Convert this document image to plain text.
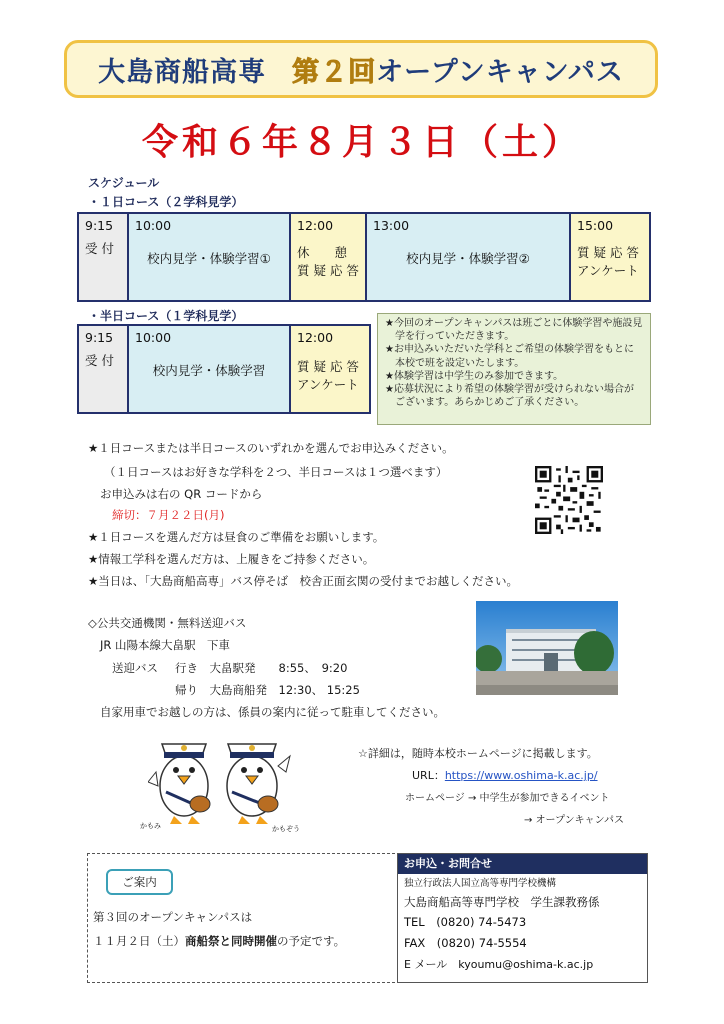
大島商船高専 第２回オープンキャンパス
令和６年８月３日（土）
スケジュール
・１日コース（２学科見学）
9:15
受 付

10:00
校内見学・体験学習①

12:00
休　　憩
質 疑 応 答

13:00
校内見学・体験学習②

15:00
質 疑 応 答
アンケート
・半日コース（１学科見学）
9:15
受 付

10:00
校内見学・体験学習

12:00
質 疑 応 答
アンケート

★今回のオープンキャンパスは班ごとに体験学習や施設見学を行っていただきます。

★お申込みいただいた学科とご希望の体験学習をもとに本校で班を設定いたします。

★体験学習は中学生のみ参加できます。

★応募状況により希望の体験学習が受けられない場合がございます。あらかじめご了承ください。

★１日コースまたは半日コースのいずれかを選んでお申込みください。
（１日コースはお好きな学科を２つ、半日コースは１つ選べます）
お申込みは右の QR コードから
締切：７月２２日(月)
★１日コースを選んだ方は昼食のご準備をお願いします。
★情報工学科を選んだ方は、上履きをご持参ください。
★当日は、「大島商船高専」バス停そば　校舎正面玄関の受付までお越しください。
◇公共交通機関・無料送迎バス
JR 山陽本線大畠駅　下車
送迎バス 行き　大畠駅発　　8:55、　9:20
帰り　大島商船発　12:30、 15:25
自家用車でお越しの方は、係員の案内に従って駐車してください。
かもみ	かもぞう
☆詳細は，随時本校ホームページに掲載します。
URL：https://www.oshima-k.ac.jp/
ホームページ → 中学生が参加できるイベント
→ オープンキャンパス
ご案内
第３回のオープンキャンパスは
１１月２日（土）商船祭と同時開催の予定です。
お申込・お問合せ
独立行政法人国立高等専門学校機構
大島商船高等専門学校　学生課教務係
TEL　(0820) 74-5473
FAX　(0820) 74-5554
E メール　kyoumu@oshima-k.ac.jp
